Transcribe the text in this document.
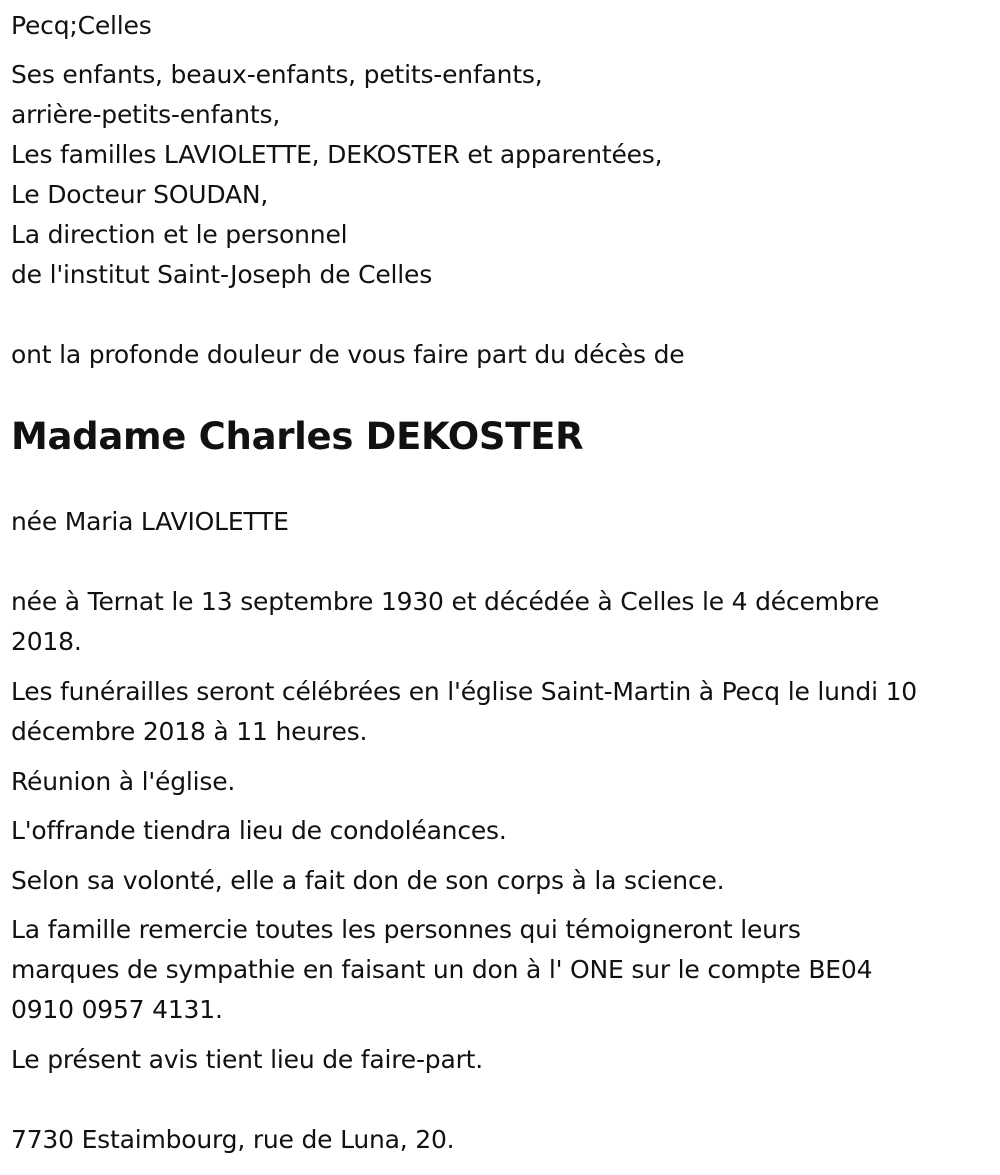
Pecq;Celles
Ses enfants, beaux-enfants, petits-enfants,
arrière-petits-enfants,
Les familles LAVIOLETTE, DEKOSTER et apparentées,
Le Docteur SOUDAN,
La direction et le personnel
de l'institut Saint-Joseph de Celles
ont la profonde douleur de vous faire part du décès de
Madame Charles DEKOSTER
née Maria LAVIOLETTE
née à Ternat le 13 septembre 1930 et décédée à Celles le 4 décembre
2018.
Les funérailles seront célébrées en l'église Saint-Martin à Pecq le lundi 10
décembre 2018 à 11 heures.
Réunion à l'église.
L'offrande tiendra lieu de condoléances.
Selon sa volonté, elle a fait don de son corps à la science.
La famille remercie toutes les personnes qui témoigneront leurs
marques de sympathie en faisant un don à l' ONE sur le compte BE04
0910 0957 4131.
Le présent avis tient lieu de faire-part.
7730 Estaimbourg, rue de Luna, 20.
